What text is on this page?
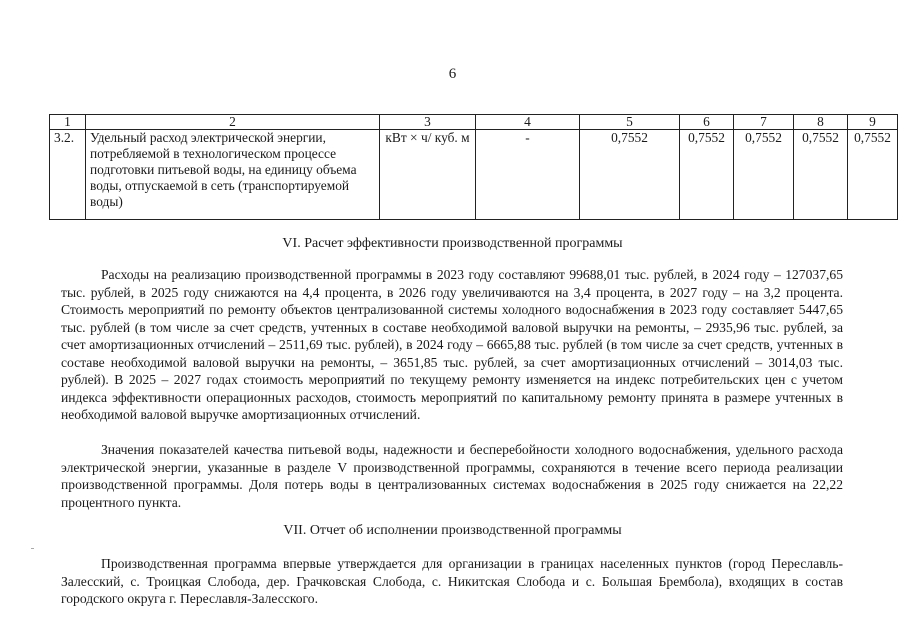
6
1	2	3	4	5	6	7	8	9
3.2.	Удельный расход электрической энергии, потребляемой в технологическом процессе подготовки питьевой воды, на единицу объема воды, отпускаемой в сеть (транспортируемой воды)	кВт × ч/ куб. м	-	0,7552	0,7552	0,7552	0,7552	0,7552
VI. Расчет эффективности производственной программы

Расходы на реализацию производственной программы в 2023 году составляют 99688,01 тыс. рублей, в 2024 году – 127037,65 тыс. рублей, в 2025 году снижаются на 4,4 процента, в 2026 году увеличиваются на 3,4 процента, в 2027 году – на 3,2 процента. Стоимость мероприятий по ремонту объектов централизованной системы холодного водоснабжения в 2023 году составляет 5447,65 тыс. рублей (в том числе за счет средств, учтенных в составе необходимой валовой выручки на ремонты, – 2935,96 тыс. рублей, за счет амортизационных отчислений – 2511,69 тыс. рублей), в 2024 году – 6665,88 тыс. рублей (в том числе за счет средств, учтенных в составе необходимой валовой выручки на ремонты, – 3651,85 тыс. рублей, за счет амортизационных отчислений – 3014,03 тыс. рублей). В 2025 – 2027 годах стоимость мероприятий по текущему ремонту изменяется на индекс потребительских цен с учетом индекса эффективности операционных расходов, стоимость мероприятий по капитальному ремонту принята в размере учтенных в необходимой валовой выручке амортизационных отчислений.

Значения показателей качества питьевой воды, надежности и бесперебойности холодного водоснабжения, удельного расхода электрической энергии, указанные в разделе V производственной программы, сохраняются в течение всего периода реализации производственной программы. Доля потерь воды в централизованных системах водоснабжения в 2025 году снижается на 22,22 процентного пункта.

VII. Отчет об исполнении производственной программы

Производственная программа впервые утверждается для организации в границах населенных пунктов (город Переславль-Залесский, с. Троицкая Слобода, дер. Грачковская Слобода, с. Никитская Слобода и с. Большая Брембола), входящих в состав городского округа г. Переславля-Залесского.
